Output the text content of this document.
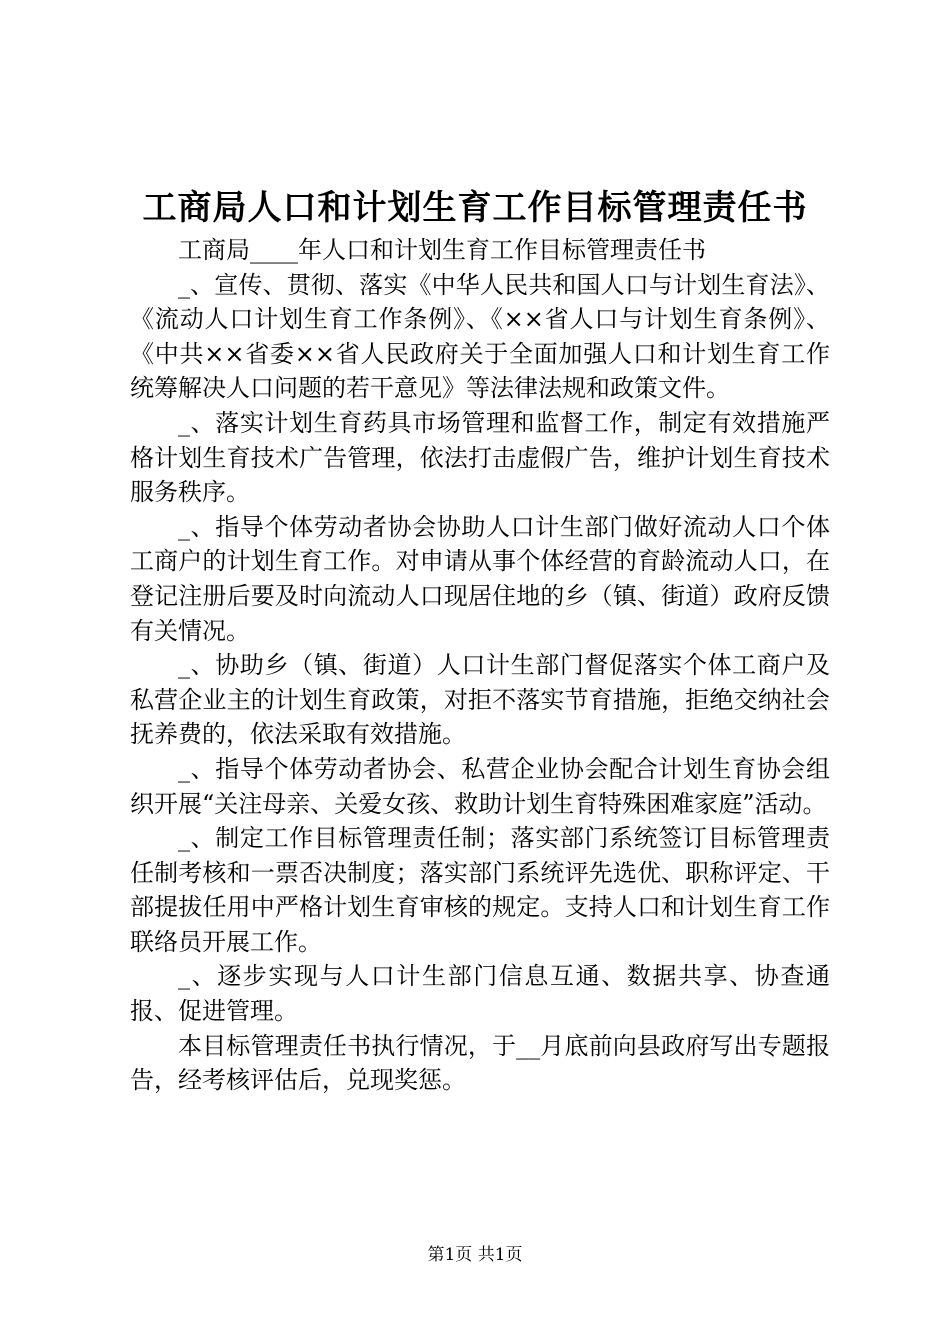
工商局人口和计划生育工作目标管理责任书

工商局____年人口和计划生育工作目标管理责任书

_、宣传、贯彻、落实《中华人民共和国人口与计划生育法》、《流动人口计划生育工作条例》、《××省人口与计划生育条例》、《中共××省委××省人民政府关于全面加强人口和计划生育工作统筹解决人口问题的若干意见》等法律法规和政策文件。

_、落实计划生育药具市场管理和监督工作，制定有效措施严格计划生育技术广告管理，依法打击虚假广告，维护计划生育技术服务秩序。

_、指导个体劳动者协会协助人口计生部门做好流动人口个体工商户的计划生育工作。对申请从事个体经营的育龄流动人口，在登记注册后要及时向流动人口现居住地的乡（镇、街道）政府反馈有关情况。

_、协助乡（镇、街道）人口计生部门督促落实个体工商户及私营企业主的计划生育政策，对拒不落实节育措施，拒绝交纳社会抚养费的，依法采取有效措施。

_、指导个体劳动者协会、私营企业协会配合计划生育协会组织开展“关注母亲、关爱女孩、救助计划生育特殊困难家庭”活动。

_、制定工作目标管理责任制；落实部门系统签订目标管理责任制考核和一票否决制度；落实部门系统评先选优、职称评定、干部提拔任用中严格计划生育审核的规定。支持人口和计划生育工作联络员开展工作。

_、逐步实现与人口计生部门信息互通、数据共享、协查通报、促进管理。

本目标管理责任书执行情况，于__月底前向县政府写出专题报告，经考核评估后，兑现奖惩。

第1页 共1页
